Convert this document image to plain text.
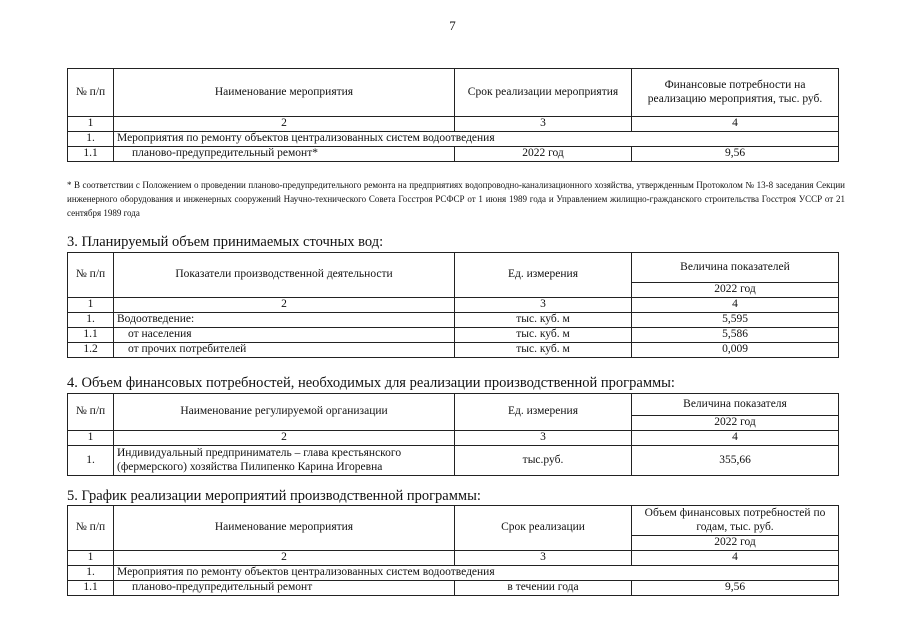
7
№ п/п	Наименование мероприятия	Срок реализации мероприятия	Финансовые потребности на реализацию мероприятия, тыс. руб.
1	2	3	4
1.	Мероприятия по ремонту объектов централизованных систем водоотведения		
1.1	планово-предупредительный ремонт*	2022 год	9,56
* В соответствии с Положением о проведении планово-предупредительного ремонта на предприятиях водопроводно-канализационного хозяйства, утвержденным Протоколом № 13-8 заседания Секции инженерного оборудования и инженерных сооружений Научно-технического Совета Госстроя РСФСР от 1 июня 1989 года и Управлением жилищно-гражданского строительства Госстроя УССР от 21 сентября 1989 года
3. Планируемый объем принимаемых сточных вод:
№ п/п	Показатели производственной деятельности	Ед. измерения	Величина показателей
			2022 год
1	2	3	4
1.	Водоотведение:	тыс. куб. м	5,595
1.1	от населения	тыс. куб. м	5,586
1.2	от прочих потребителей	тыс. куб. м	0,009
4. Объем финансовых потребностей, необходимых для реализации производственной программы:
№ п/п	Наименование регулируемой организации	Ед. измерения	Величина показателя
			2022 год
1	2	3	4
1.	Индивидуальный предприниматель – глава крестьянского (фермерского) хозяйства Пилипенко Карина Игоревна	тыс.руб.	355,66
5. График реализации мероприятий производственной программы:
№ п/п	Наименование мероприятия	Срок реализации	Объем финансовых потребностей по годам, тыс. руб.
			2022 год
1	2	3	4
1.	Мероприятия по ремонту объектов централизованных систем водоотведения		
1.1	планово-предупредительный ремонт	в течении года	9,56
